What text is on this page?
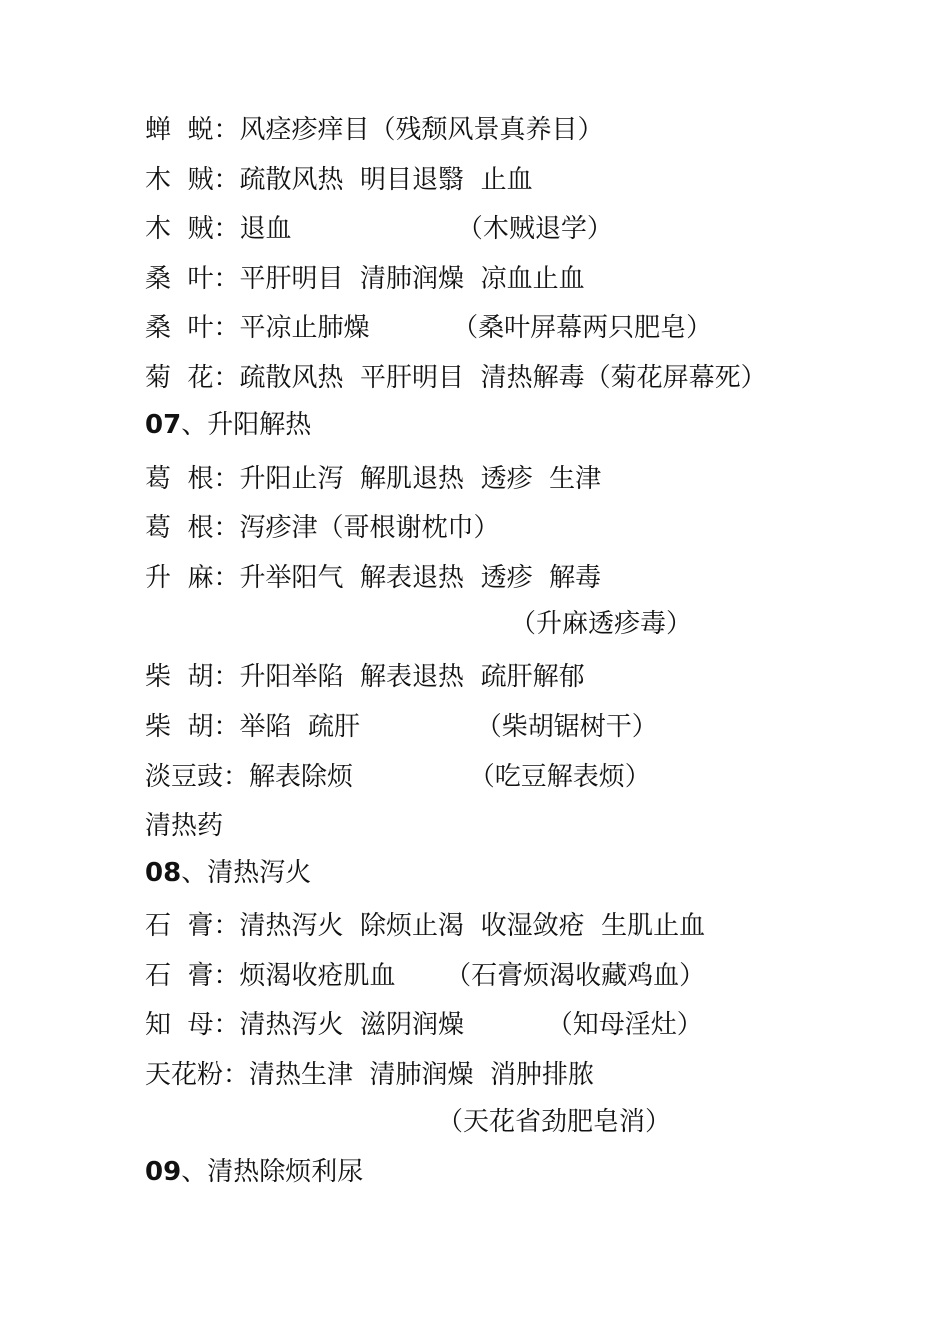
蝉  蜕：风痉疹痒目（残颓风景真养目）
木  贼：疏散风热  明目退翳  止血
木  贼：退血                    （木贼退学）
桑  叶：平肝明目  清肺润燥  凉血止血
桑  叶：平凉止肺燥          （桑叶屏幕两只肥皂）
菊  花：疏散风热  平肝明目  清热解毒（菊花屏幕死）
07、升阳解热
葛  根：升阳止泻  解肌退热  透疹  生津
葛  根：泻疹津（哥根谢枕巾）
升  麻：升举阳气  解表退热  透疹  解毒
（升麻透疹毒）
柴  胡：升阳举陷  解表退热  疏肝解郁
柴  胡：举陷  疏肝              （柴胡锯树干）
淡豆豉：解表除烦              （吃豆解表烦）
清热药
08、清热泻火
石  膏：清热泻火  除烦止渴  收湿敛疮  生肌止血
石  膏：烦渴收疮肌血      （石膏烦渴收藏鸡血）
知  母：清热泻火  滋阴润燥          （知母淫灶）
天花粉：清热生津  清肺润燥  消肿排脓
（天花省劲肥皂消）
09、清热除烦利尿
